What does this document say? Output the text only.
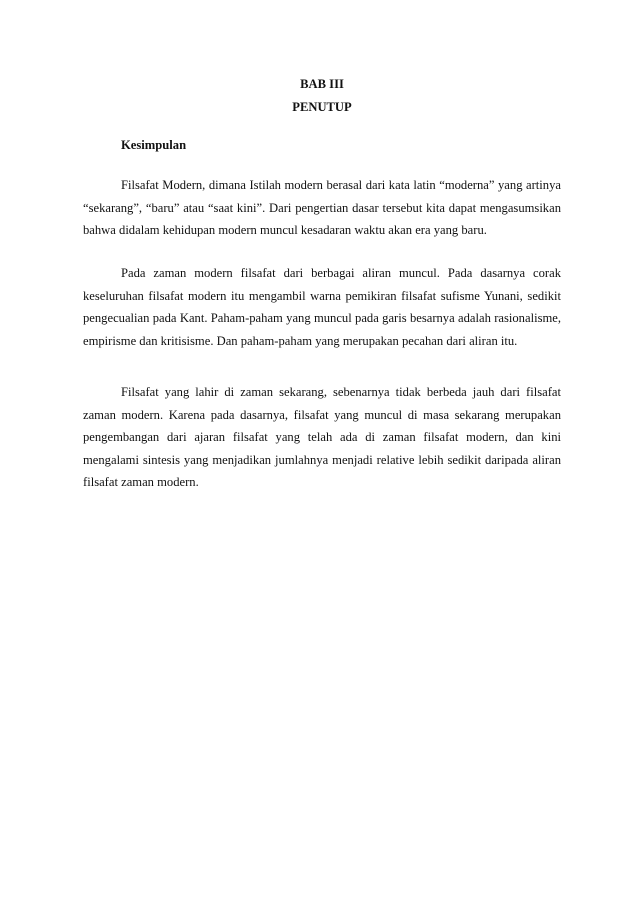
BAB III
PENUTUP
Kesimpulan

Filsafat Modern, dimana Istilah modern berasal dari kata latin “moderna” yang artinya “sekarang”, “baru” atau “saat kini”. Dari pengertian dasar tersebut kita dapat mengasumsikan bahwa didalam kehidupan modern muncul kesadaran waktu akan era yang baru.

Pada zaman modern filsafat dari berbagai aliran muncul. Pada dasarnya corak keseluruhan filsafat modern itu mengambil warna pemikiran filsafat sufisme Yunani, sedikit pengecualian pada Kant. Paham-paham yang muncul pada garis besarnya adalah rasionalisme, empirisme dan kritisisme. Dan paham-paham yang merupakan pecahan dari aliran itu.

Filsafat yang lahir di zaman sekarang, sebenarnya tidak berbeda jauh dari filsafat zaman modern. Karena pada dasarnya, filsafat yang muncul di masa sekarang merupakan pengembangan dari ajaran filsafat yang telah ada di zaman filsafat modern, dan kini mengalami sintesis yang menjadikan jumlahnya menjadi relative lebih sedikit daripada aliran filsafat zaman modern.
